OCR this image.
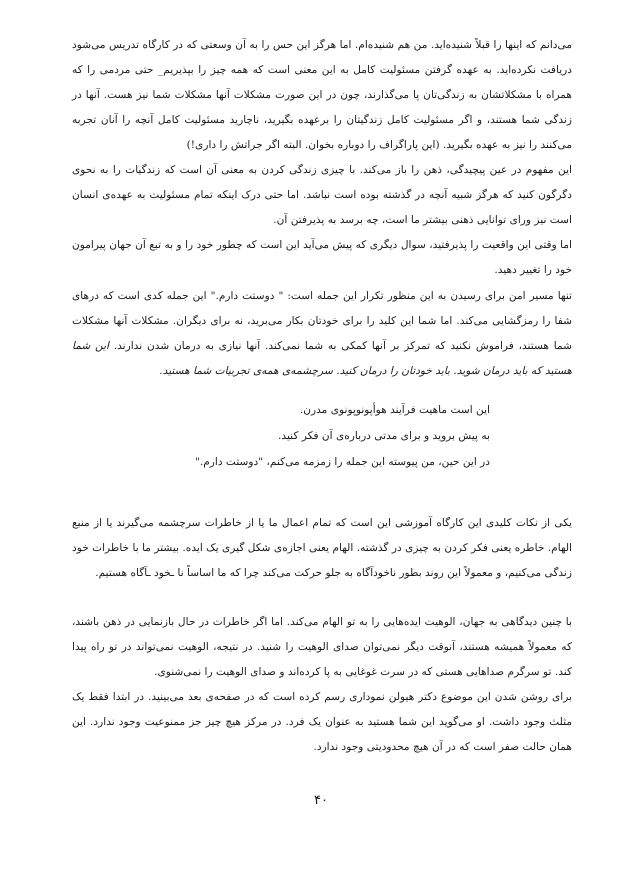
می‌دانم که اینها را قبلاً شنیده‌اید. من هم شنیده‌ام. اما هرگز این حس را به آن وسعتی که در کارگاه تدریس می‌شود دریافت نکرده‌اید. به عهده گرفتن مسئولیت کامل به این معنی است که همه چیز را بپذیریم_ حتی مردمی را که همراه با مشکلاتشان به زندگی‌تان پا می‌گذارند، چون در این صورت مشکلات آنها مشکلات شما نیز هست. آنها در زندگی شما هستند، و اگر مسئولیت کامل زندگیتان را برعهده بگیرید، ناچارید مسئولیت کامل آنچه را آنان تجربه می‌کنند را نیز به عهده بگیرید. (این پاراگراف را دوباره بخوان. البته اگر جراتش را داری!)

این مفهوم در عین پیچیدگی، ذهن را باز می‌کند. با چیزی زندگی کردن به معنی آن است که زندگیات را به نحوی دگرگون کنید که هرگز شبیه آنچه در گذشته بوده است نباشد. اما حتی درک اینکه تمام مسئولیت به عهده‌ی انسان است نیز ورای توانایی ذهنی بیشتر ما است، چه برسد به پذیرفتن آن.

اما وقتی این واقعیت را پذیرفتید، سوال دیگری که پیش می‌آید این است که چطور خود را و به تبع آن جهان پیرامون خود را تغییر دهید.

تنها مسیر امن برای رسیدن به این منظور تکرار این جمله است: " دوستت دارم." این جمله کدی است که درهای شفا را رمزگشایی می‌کند. اما شما این کلید را برای خودتان بکار می‌برید، نه برای دیگران. مشکلات آنها مشکلات شما هستند، فراموش نکنید که تمرکز بر آنها کمکی به شما نمی‌کند. آنها نیازی به درمان شدن ندارند. این شما هستید که باید درمان شوید. باید خودتان را درمان کنید. سرچشمه‌ی همه‌ی تجربیات شما هستید.

این است ماهیت فرآیند هوأپونوپونوی مدرن.

به پیش بروید و برای مدتی درباره‌ی آن فکر کنید.

در این حین، من پیوسته این جمله را زمزمه می‌کنم، "دوستت دارم."

یکی از نکات کلیدی این کارگاه آموزشی این است که تمام اعمال ما یا از خاطرات سرچشمه می‌گیرند یا از منبع الهام. خاطره یعنی فکر کردن به چیزی در گذشته. الهام یعنی اجازه‌ی شکل گیری یک ایده. بیشتر ما با خاطرات خود زندگی می‌کنیم، و معمولاً این روند بطور ناخودآگاه به جلو حرکت می‌کند چرا که ما اساساً نا ـخود ـآگاه هستیم.

با چنین دیدگاهی به جهان، الوهیت ایده‌هایی را به تو الهام می‌کند. اما اگر خاطرات در حال بازنمایی در ذهن باشند، که معمولاً همیشه هستند، آنوقت دیگر نمی‌توان صدای الوهیت را شنید. در نتیجه، الوهیت نمی‌تواند در تو راه پیدا کند. تو سرگرم صداهایی هستی که در سرت غوغایی به پا کرده‌اند و صدای الوهیت را نمی‌شنوی.

برای روشن شدن این موضوع دکتر هیولن نموداری رسم کرده است که در صفحه‌ی بعد می‌بینید. در ابتدا فقط یک مثلث وجود داشت. او می‌گوید این شما هستید به عنوان یک فرد. در مرکز هیچ چیز جز ممنوعیت وجود ندارد. این همان حالت صفر است که در آن هیچ محدودیتی وجود ندارد.

۴۰
